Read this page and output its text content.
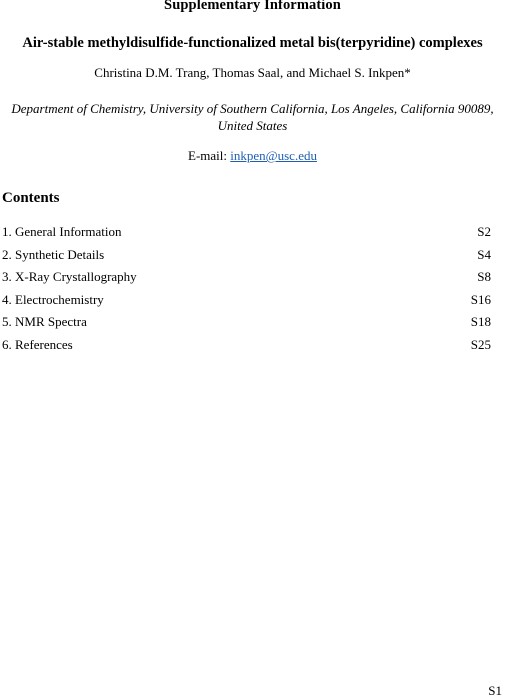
Supplementary Information
Air-stable methyldisulfide-functionalized metal bis(terpyridine) complexes
Christina D.M. Trang, Thomas Saal, and Michael S. Inkpen*
Department of Chemistry, University of Southern California, Los Angeles, California 90089, United States
E-mail: inkpen@usc.edu
Contents
1. General Information	S2
2. Synthetic Details	S4
3. X-Ray Crystallography	S8
4. Electrochemistry	S16
5. NMR Spectra	S18
6. References	S25
S1
